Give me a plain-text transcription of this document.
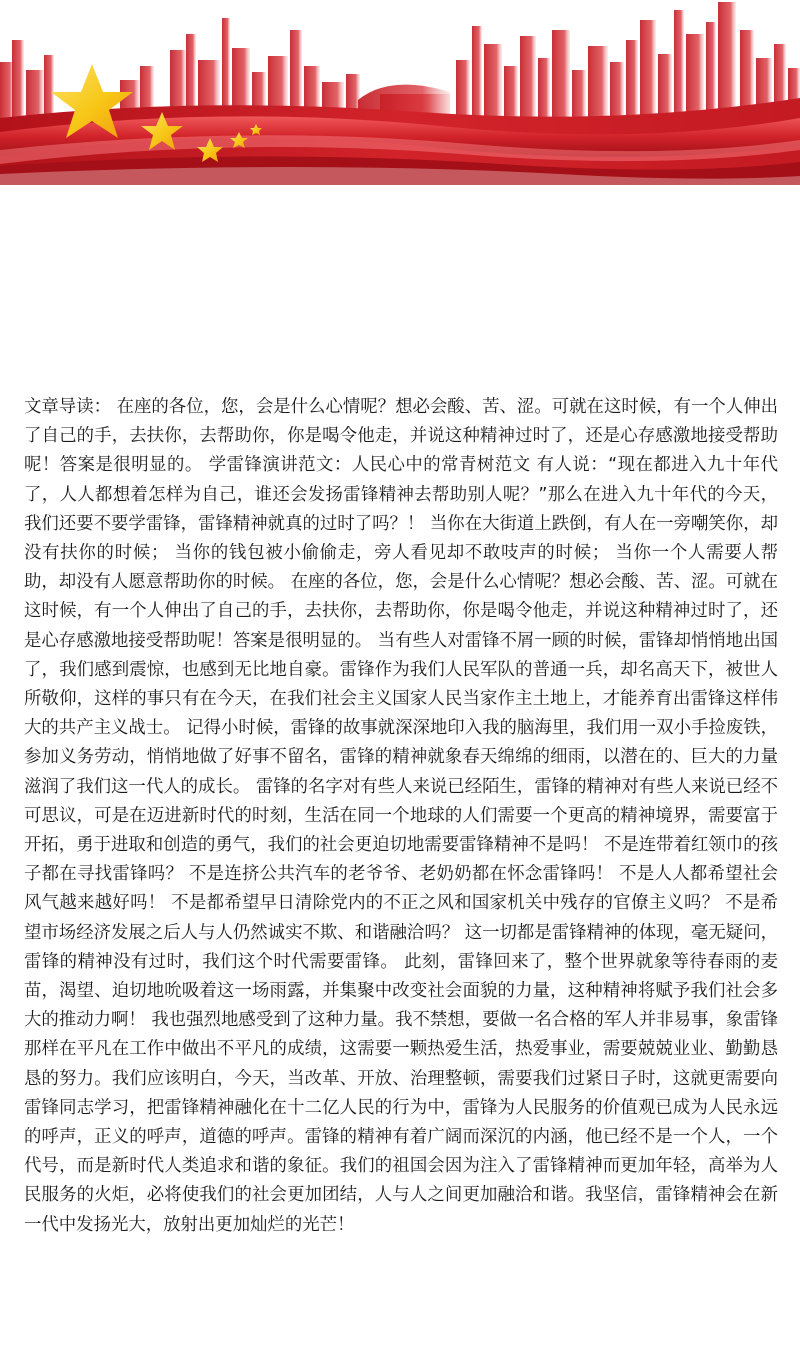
文章导读： 在座的各位，您，会是什么心情呢？想必会酸、苦、涩。可就在这时候，有一个人伸出了自己的手，去扶你，去帮助你，你是喝令他走，并说这种精神过时了，还是心存感激地接受帮助呢！答案是很明显的。 学雷锋演讲范文：人民心中的常青树范文 有人说：“现在都进入九十年代了，人人都想着怎样为自己，谁还会发扬雷锋精神去帮助别人呢？”那么在进入九十年代的今天，我们还要不要学雷锋，雷锋精神就真的过时了吗？！ 当你在大街道上跌倒，有人在一旁嘲笑你，却没有扶你的时候； 当你的钱包被小偷偷走，旁人看见却不敢吱声的时候； 当你一个人需要人帮助，却没有人愿意帮助你的时候。 在座的各位，您，会是什么心情呢？想必会酸、苦、涩。可就在这时候，有一个人伸出了自己的手，去扶你，去帮助你，你是喝令他走，并说这种精神过时了，还是心存感激地接受帮助呢！答案是很明显的。 当有些人对雷锋不屑一顾的时候，雷锋却悄悄地出国了，我们感到震惊，也感到无比地自豪。雷锋作为我们人民军队的普通一兵，却名高天下，被世人所敬仰，这样的事只有在今天，在我们社会主义国家人民当家作主土地上，才能养育出雷锋这样伟大的共产主义战士。 记得小时候，雷锋的故事就深深地印入我的脑海里，我们用一双小手捡废铁，参加义务劳动，悄悄地做了好事不留名，雷锋的精神就象春天绵绵的细雨，以潜在的、巨大的力量滋润了我们这一代人的成长。 雷锋的名字对有些人来说已经陌生，雷锋的精神对有些人来说已经不可思议，可是在迈进新时代的时刻，生活在同一个地球的人们需要一个更高的精神境界，需要富于开拓，勇于进取和创造的勇气，我们的社会更迫切地需要雷锋精神不是吗！ 不是连带着红领巾的孩子都在寻找雷锋吗？ 不是连挤公共汽车的老爷爷、老奶奶都在怀念雷锋吗！ 不是人人都希望社会风气越来越好吗！ 不是都希望早日清除党内的不正之风和国家机关中残存的官僚主义吗？ 不是希望市场经济发展之后人与人仍然诚实不欺、和谐融洽吗？ 这一切都是雷锋精神的体现，毫无疑问，雷锋的精神没有过时，我们这个时代需要雷锋。 此刻，雷锋回来了，整个世界就象等待春雨的麦苗，渴望、迫切地吮吸着这一场雨露，并集聚中改变社会面貌的力量，这种精神将赋予我们社会多大的推动力啊！ 我也强烈地感受到了这种力量。我不禁想，要做一名合格的军人并非易事，象雷锋那样在平凡在工作中做出不平凡的成绩，这需要一颗热爱生活，热爱事业，需要兢兢业业、勤勤恳恳的努力。我们应该明白，今天，当改革、开放、治理整顿，需要我们过紧日子时，这就更需要向雷锋同志学习，把雷锋精神融化在十二亿人民的行为中，雷锋为人民服务的价值观已成为人民永远的呼声，正义的呼声，道德的呼声。雷锋的精神有着广阔而深沉的内涵，他已经不是一个人，一个代号，而是新时代人类追求和谐的象征。我们的祖国会因为注入了雷锋精神而更加年轻，高举为人民服务的火炬，必将使我们的社会更加团结，人与人之间更加融洽和谐。我坚信，雷锋精神会在新一代中发扬光大，放射出更加灿烂的光芒！
